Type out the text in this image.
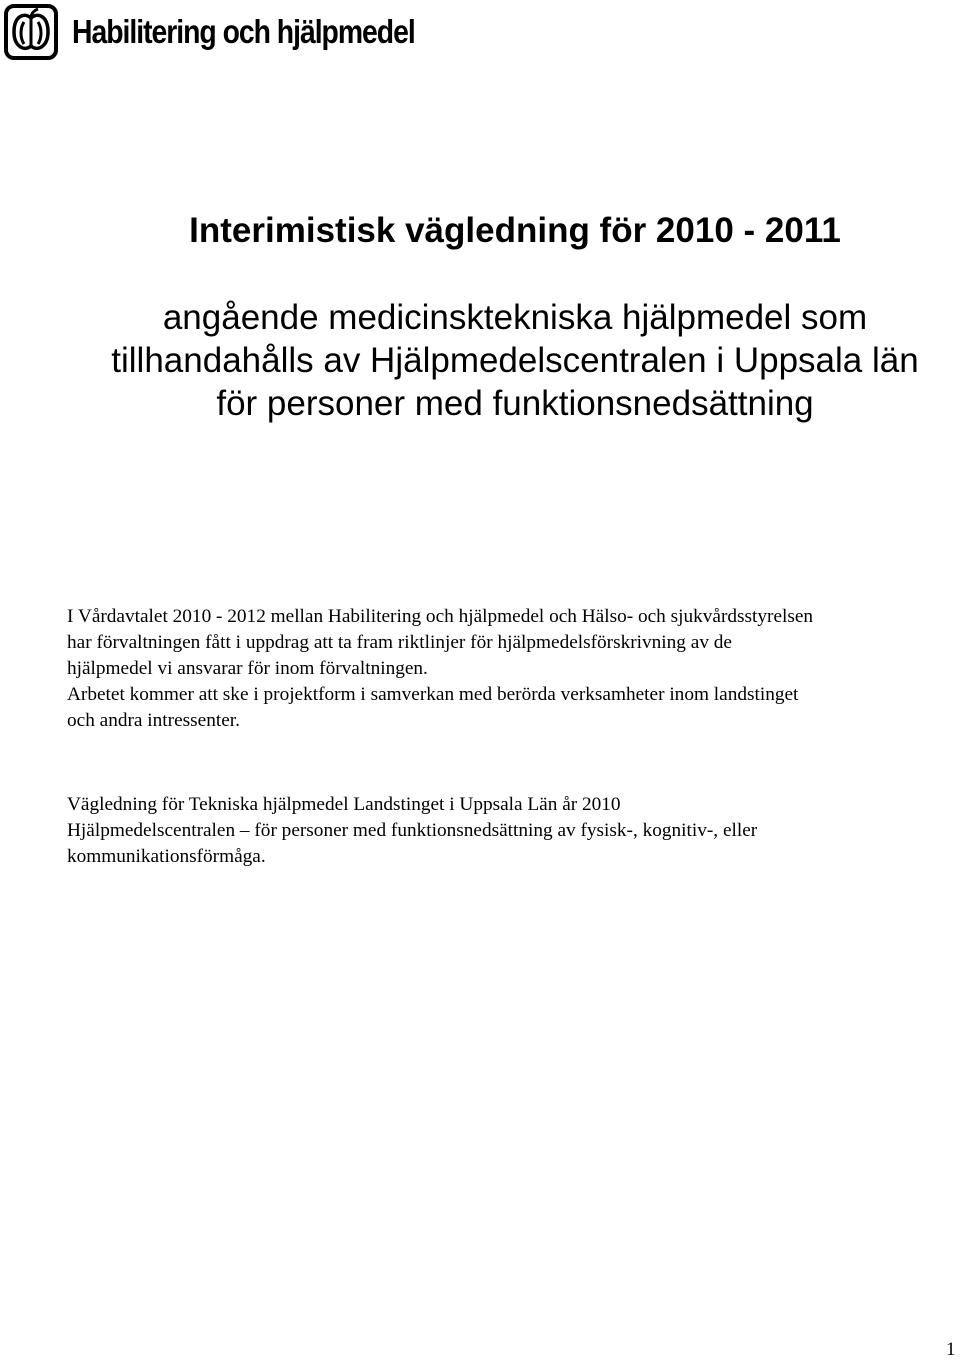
Habilitering och hjälpmedel
Interimistisk vägledning för 2010 - 2011
angående medicinsktekniska hjälpmedel som
tillhandahålls av Hjälpmedelscentralen i Uppsala län
för personer med funktionsnedsättning
I Vårdavtalet 2010 - 2012 mellan Habilitering och hjälpmedel och Hälso- och sjukvårdsstyrelsen
har förvaltningen fått i uppdrag att ta fram riktlinjer för hjälpmedelsförskrivning av de
hjälpmedel vi ansvarar för inom förvaltningen.
Arbetet kommer att ske i projektform i samverkan med berörda verksamheter inom landstinget
och andra intressenter.
Vägledning för Tekniska hjälpmedel Landstinget i Uppsala Län år 2010
Hjälpmedelscentralen – för personer med funktionsnedsättning av fysisk-, kognitiv-, eller
kommunikationsförmåga.
1
